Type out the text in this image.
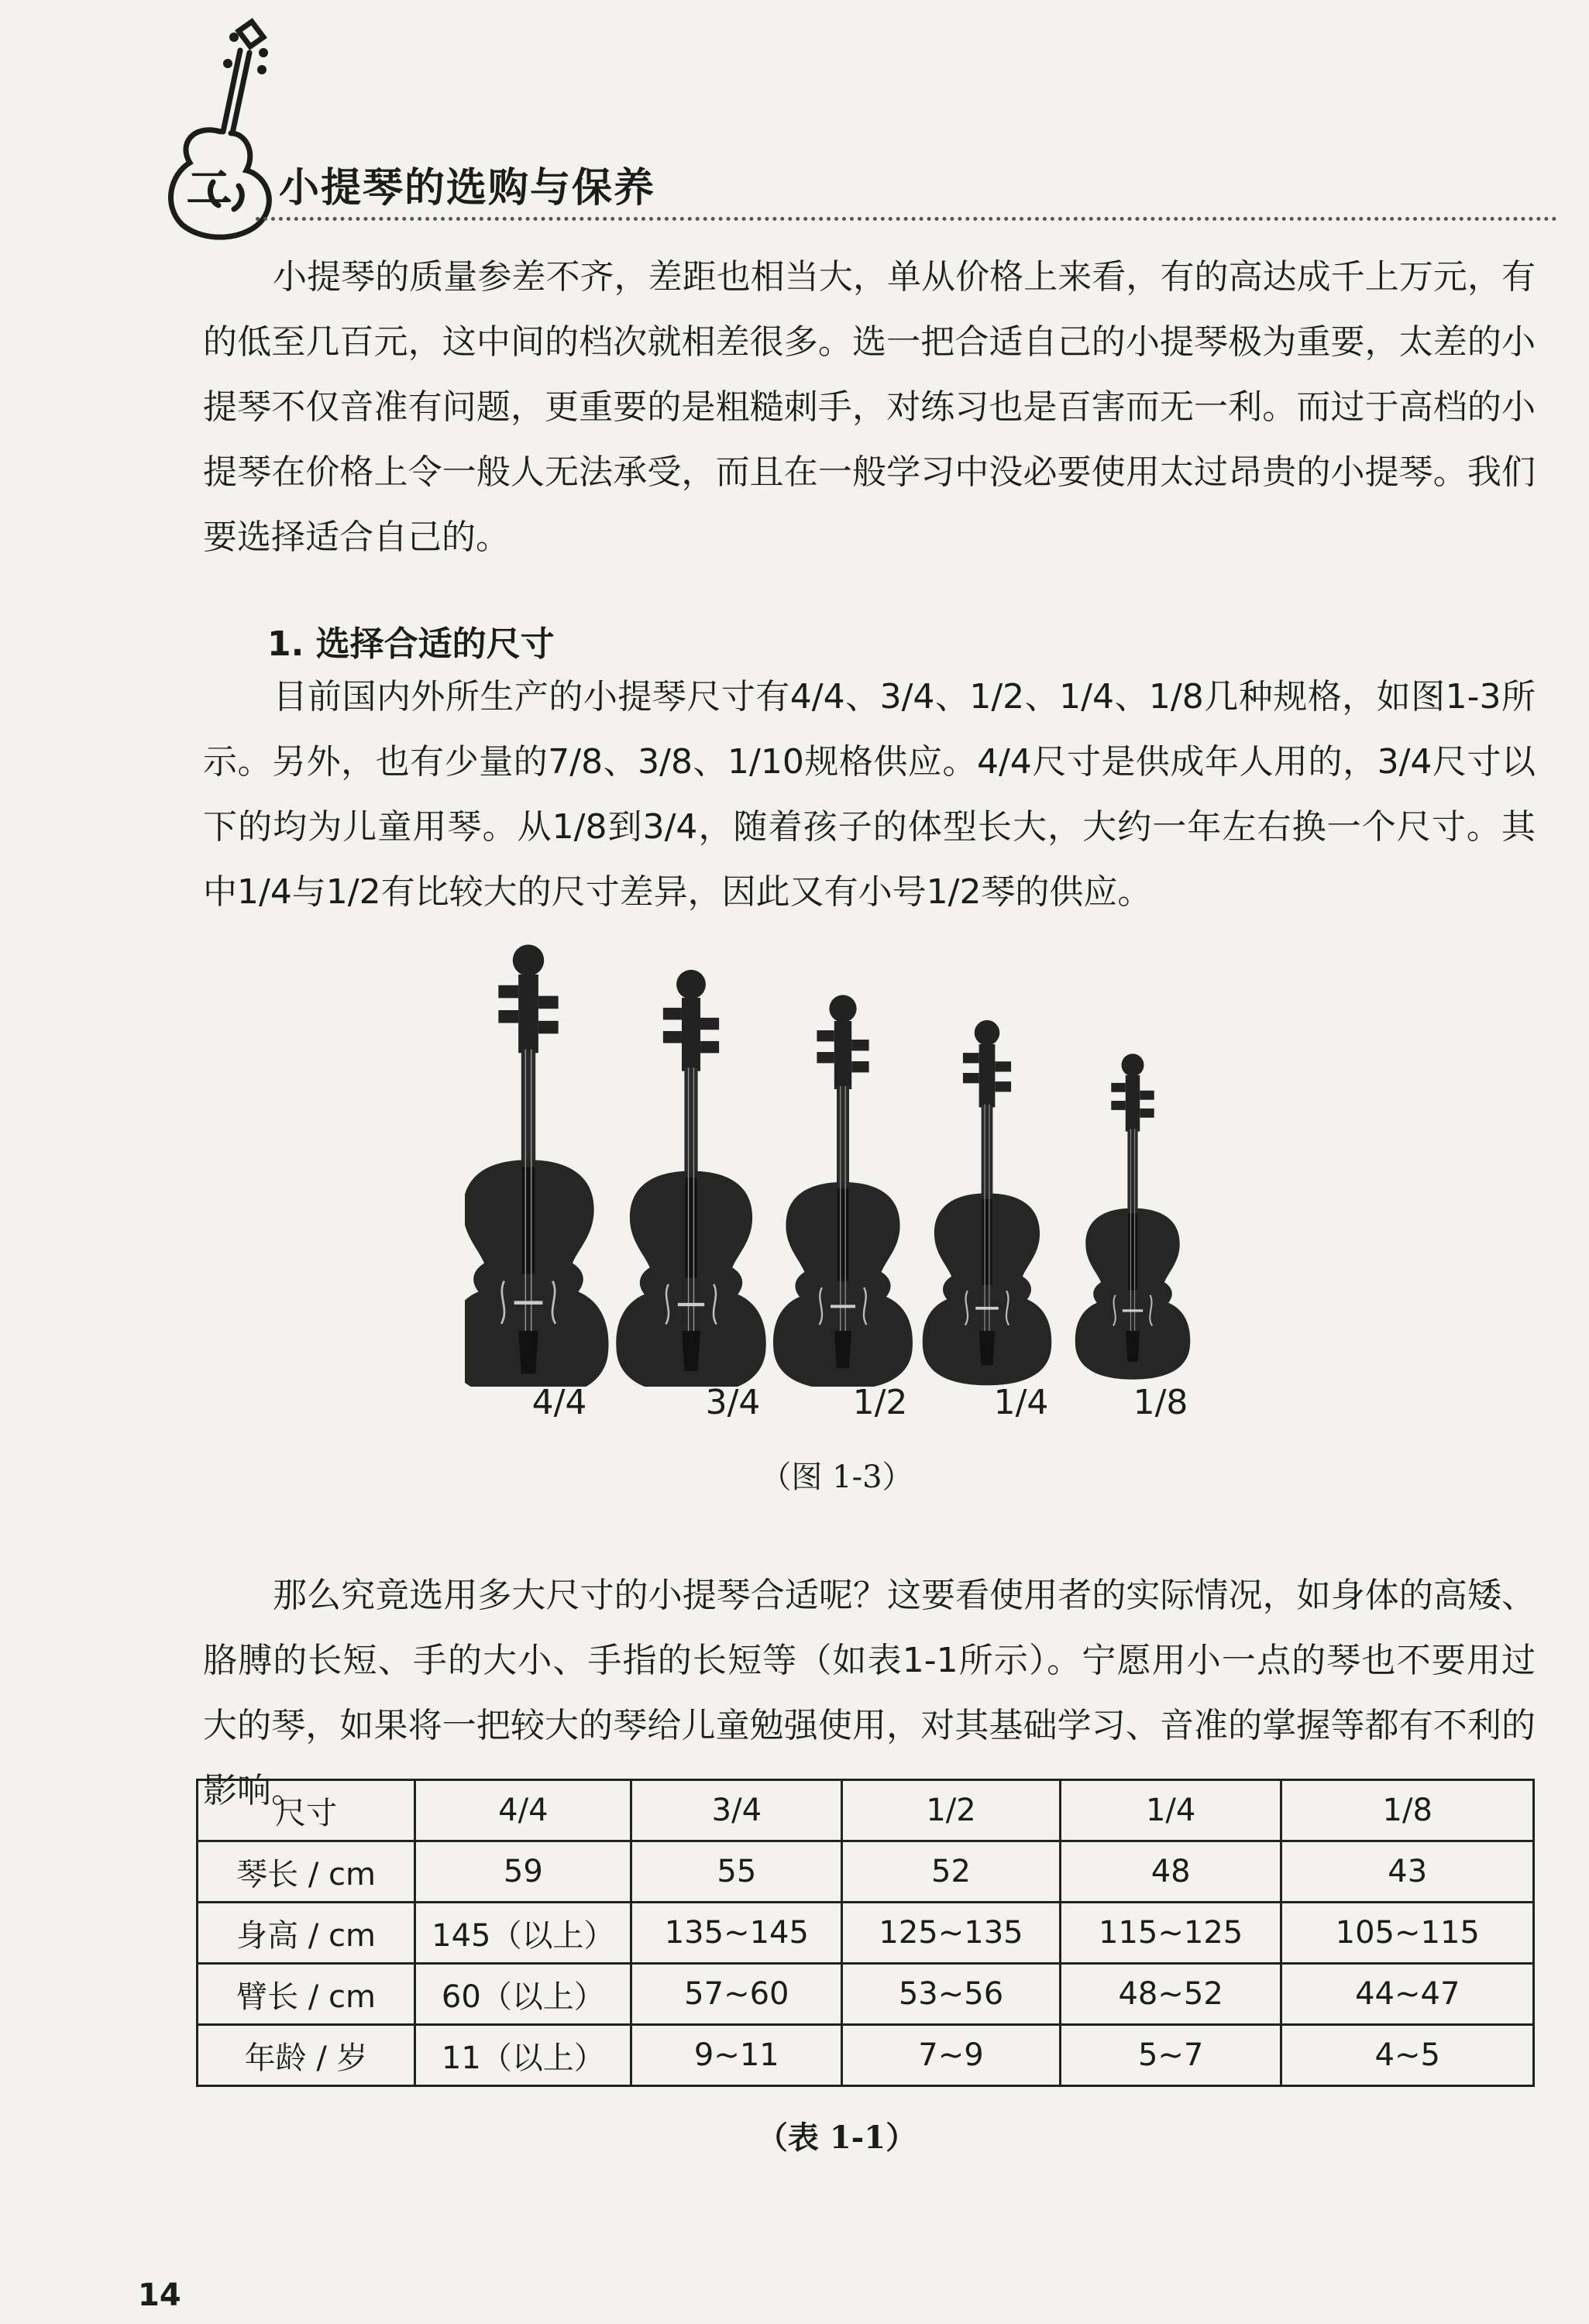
二 小提琴的选购与保养

小提琴的质量参差不齐，差距也相当大，单从价格上来看，有的高达成千上万元，有的低至几百元，这中间的档次就相差很多。选一把合适自己的小提琴极为重要，太差的小提琴不仅音准有问题，更重要的是粗糙刺手，对练习也是百害而无一利。而过于高档的小提琴在价格上令一般人无法承受，而且在一般学习中没必要使用太过昂贵的小提琴。我们要选择适合自己的。

1. 选择合适的尺寸

目前国内外所生产的小提琴尺寸有4/4、3/4、1/2、1/4、1/8几种规格，如图1-3所示。另外，也有少量的7/8、3/8、1/10规格供应。4/4尺寸是供成年人用的，3/4尺寸以下的均为儿童用琴。从1/8到3/4，随着孩子的体型长大，大约一年左右换一个尺寸。其中1/4与1/2有比较大的尺寸差异，因此又有小号1/2琴的供应。

4/4	3/4	1/2	1/4	1/8
（图 1-3）

那么究竟选用多大尺寸的小提琴合适呢？这要看使用者的实际情况，如身体的高矮、胳膊的长短、手的大小、手指的长短等（如表1-1所示）。宁愿用小一点的琴也不要用过大的琴，如果将一把较大的琴给儿童勉强使用，对其基础学习、音准的掌握等都有不利的影响。

尺寸	4/4	3/4	1/2	1/4	1/8
琴长 / cm	59	55	52	48	43
身高 / cm	145（以上）	135~145	125~135	115~125	105~115
臂长 / cm	60（以上）	57~60	53~56	48~52	44~47
年龄 / 岁	11（以上）	9~11	7~9	5~7	4~5
（表 1-1）
14
